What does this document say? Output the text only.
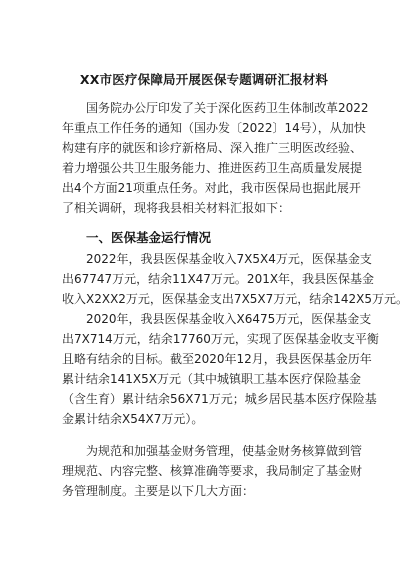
XX市医疗保障局开展医保专题调研汇报材料
国务院办公厅印发了关于深化医药卫生体制改革2022
年重点工作任务的通知（国办发〔2022〕14号），从加快
构建有序的就医和诊疗新格局、深入推广三明医改经验、
着力增强公共卫生服务能力、推进医药卫生高质量发展提
出4个方面21项重点任务。对此，我市医保局也据此展开
了相关调研，现将我县相关材料汇报如下：
一、医保基金运行情况
2022年，我县医保基金收入7X5X4万元，医保基金支
出67747万元，结余11X47万元。201X年，我县医保基金
收入X2XX2万元，医保基金支出7X5X7万元，结余142X5万元。
2020年，我县医保基金收入X6475万元，医保基金支
出7X714万元，结余17760万元，实现了医保基金收支平衡
且略有结余的目标。截至2020年12月，我县医保基金历年
累计结余141X5X万元（其中城镇职工基本医疗保险基金
（含生育）累计结余56X71万元；城乡居民基本医疗保险基
金累计结余X54X7万元）。
为规范和加强基金财务管理，使基金财务核算做到管
理规范、内容完整、核算准确等要求，我局制定了基金财
务管理制度。主要是以下几大方面：
